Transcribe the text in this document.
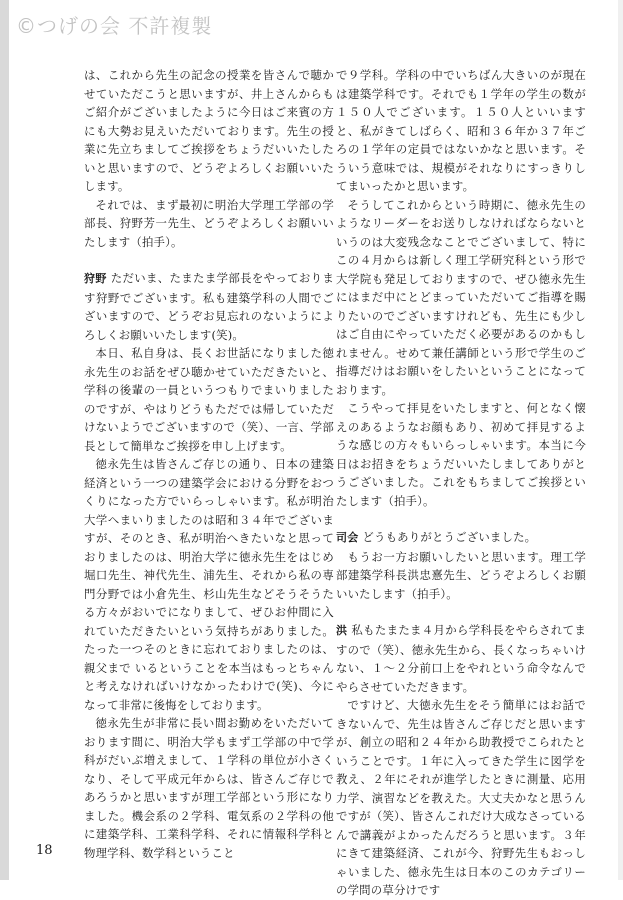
©つげの会 不許複製

は、これから先生の記念の授業を皆さんで聴かせていただこうと思いますが、井上さんからもご紹介がございましたように今日はご来賓の方にも大勢お見えいただいております。先生の授業に先立ちましてご挨拶をちょうだいいたしたいと思いますので、どうぞよろしくお願いいたします。

それでは、まず最初に明治大学理工学部の学部長、狩野芳一先生、どうぞよろしくお願いいたします（拍手）。

狩野 ただいま、たまたま学部長をやっております狩野でございます。私も建築学科の人間でございますので、どうぞお見忘れのないようによろしくお願いいたします(笑)。

本日、私自身は、長くお世話になりました徳永先生のお話をぜひ聴かせていただきたいと、学科の後輩の一員というつもりでまいりましたのですが、やはりどうもただでは帰していただけないようでございますので（笑）、一言、学部長として簡単なご挨拶を申し上げます。

徳永先生は皆さんご存じの通り、日本の建築経済という一つの建築学会における分野をおつくりになった方でいらっしゃいます。私が明治大学へまいりましたのは昭和３４年でございますが、そのとき、私が明治へきたいなと思っておりましたのは、明治大学に徳永先生をはじめ堀口先生、神代先生、浦先生、それから私の専門分野では小倉先生、杉山先生などそうそうたる方々がおいでになりまして、ぜひお仲間に入れていただきたいという気持ちがありました。たった一つそのときに忘れておりましたのは、親父まで いるということを本当はもっとちゃんと考えなければいけなかったわけで(笑)、今になって非常に後悔をしております。

徳永先生が非常に長い間お勤めをいただいております間に、明治大学もまず工学部の中で学科がだいぶ増えまして、１学科の単位が小さくなり、そして平成元年からは、皆さんご存じであろうかと思いますが理工学部という形になりました。機会系の２学科、電気系の２学科の他に建築学科、工業科学科、それに情報科学科と物理学科、数学科ということ

で９学科。学科の中でいちばん大きいのが現在は建築学科です。それでも１学年の学生の数が１５０人でございます。１５０人といいますと、私がきてしばらく、昭和３６年か３７年ごろの１学年の定員ではないかなと思います。そういう意味では、規模がそれなりにすっきりしてまいったかと思います。

そうしてこれからという時期に、徳永先生のようなリーダーをお送りしなければならないというのは大変残念なことでございまして、特にこの４月からは新しく理工学研究科という形で大学院も発足しておりますので、ぜひ徳永先生にはまだ中にとどまっていただいてご指導を賜りたいのでございますけれども、先生にも少しはご自由にやっていただく必要があるのかもしれません。せめて兼任講師という形で学生のご指導だけはお願いをしたいということになっております。

こうやって拝見をいたしますと、何となく懐えのあるようなお顔もあり、初めて拝見するような感じの方々もいらっしゃいます。本当に今日はお招きをちょうだいいたしましてありがとうございました。これをもちましてご挨拶といたします（拍手）。

司会 どうもありがとうございました。

もうお一方お願いしたいと思います。理工学部建築学科長洪忠憙先生、どうぞよろしくお願いいたします（拍手）。

洪 私もたまたま４月から学科長をやらされてますので（笑）、徳永先生から、長くなっちゃいけない、１～２分前口上をやれという命令なんでやらさせていただきます。

ですけど、大徳永先生をそう簡単にはお話できないんで、先生は皆さんご存じだと思いますが、創立の昭和２４年から助教授でこられたということです。１年に入ってきた学生に図学を教え、２年にそれが進学したときに測量、応用力学、演習などを教えた。大丈夫かなと思うんですが（笑）、皆さんこれだけ大成なさっているんで講義がよかったんだろうと思います。３年にきて建築経済、これが今、狩野先生もおっしゃいました、徳永先生は日本のこのカテゴリーの学問の草分けです

18
